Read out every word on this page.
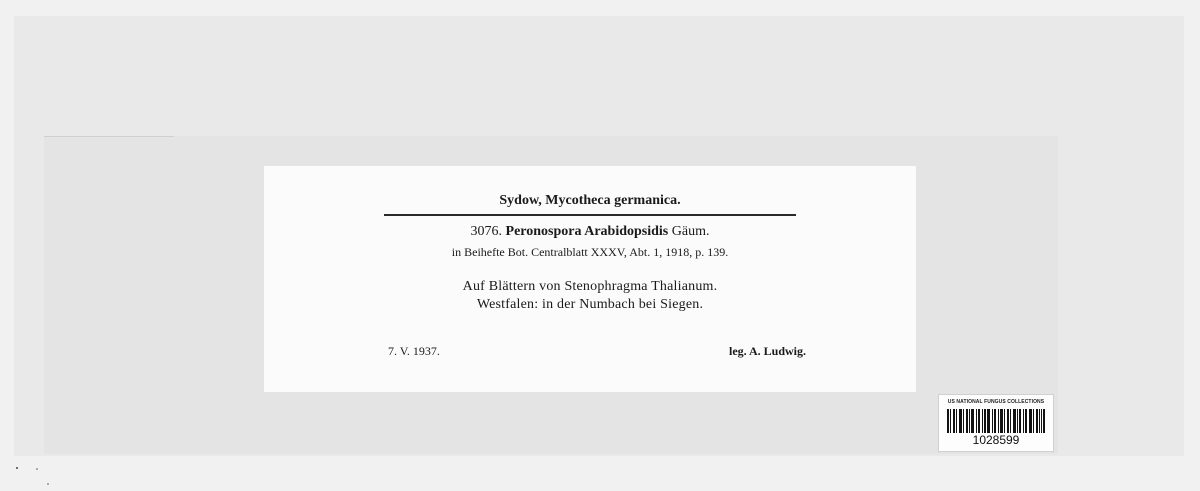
Sydow, Mycotheca germanica.
3076. Peronospora Arabidopsidis Gäum.
in Beihefte Bot. Centralblatt XXXV, Abt. 1, 1918, p. 139.
Auf Blättern von Stenophragma Thalianum.
Westfalen: in der Numbach bei Siegen.
7. V. 1937.	leg. A. Ludwig.
US NATIONAL FUNGUS COLLECTIONS
1028599
